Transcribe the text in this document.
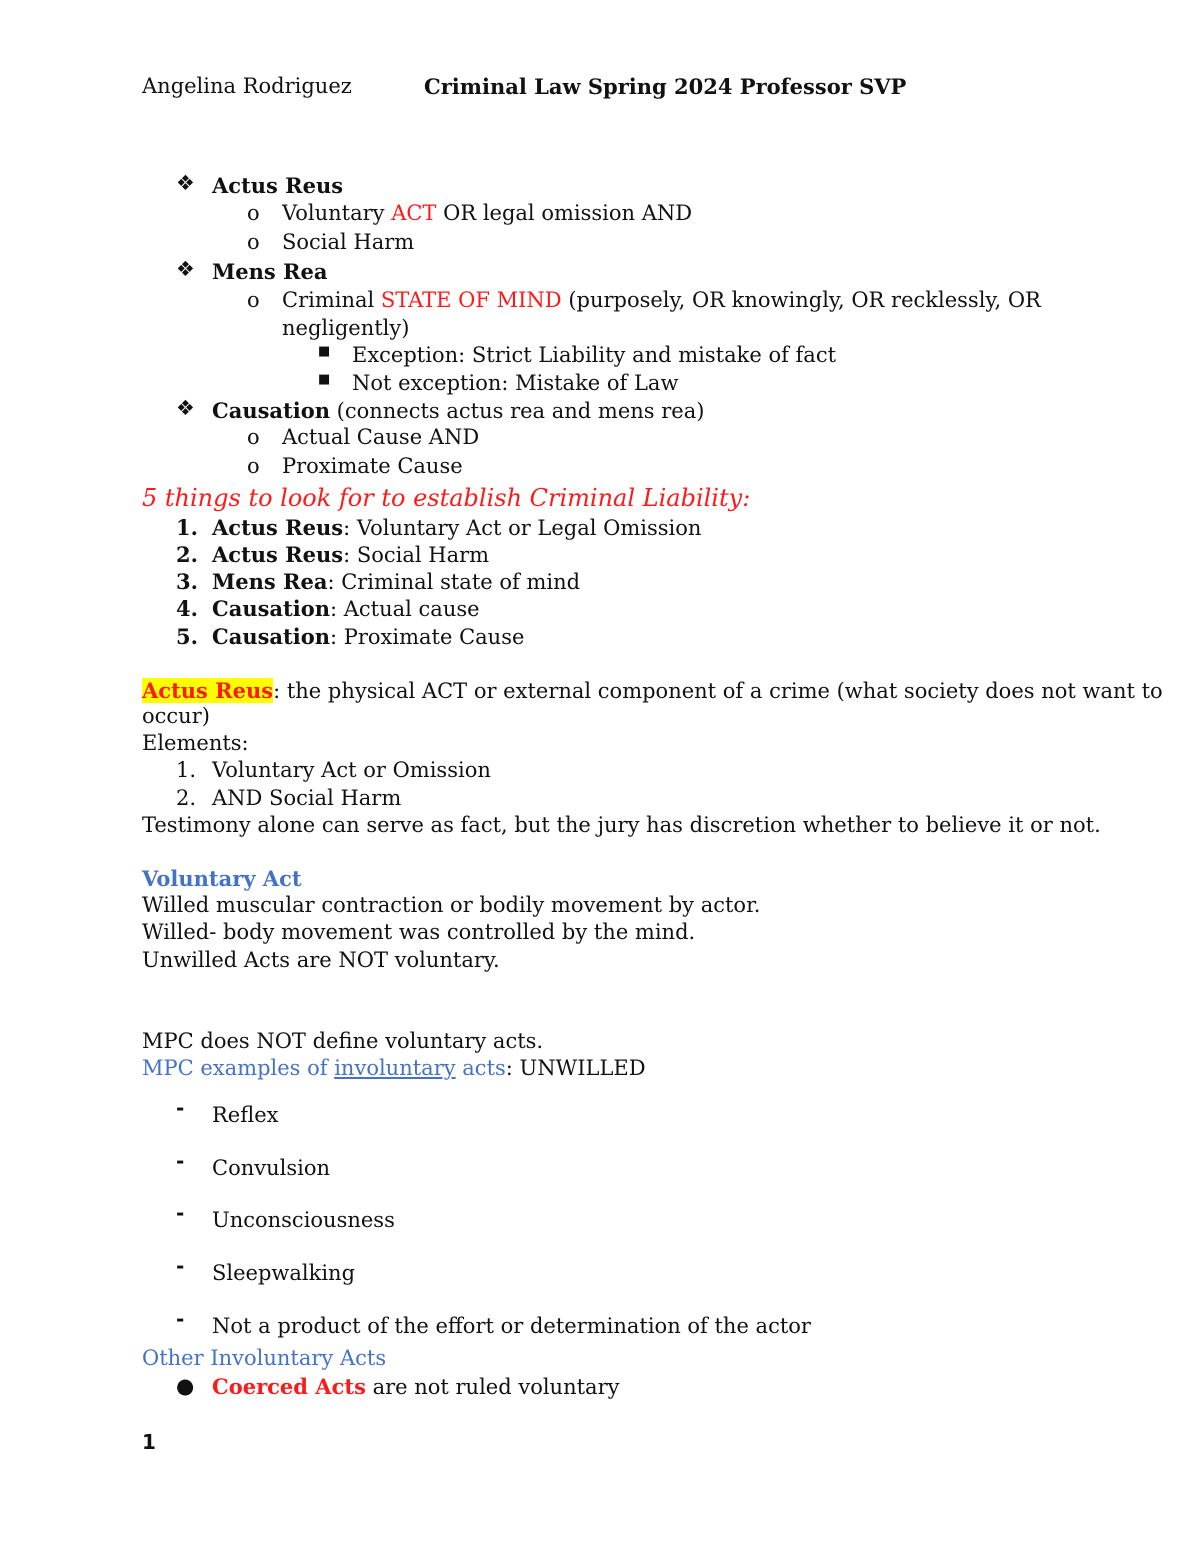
Angelina Rodriguez	Criminal Law Spring 2024 Professor SVP
❖ Actus Reus
o Voluntary ACT OR legal omission AND
o Social Harm
❖ Mens Rea
o Criminal STATE OF MIND (purposely, OR knowingly, OR recklessly, OR
negligently)
■ Exception: Strict Liability and mistake of fact
■ Not exception: Mistake of Law
❖ Causation (connects actus rea and mens rea)
o Actual Cause AND
o Proximate Cause
5 things to look for to establish Criminal Liability:
1. Actus Reus: Voluntary Act or Legal Omission
2. Actus Reus: Social Harm
3. Mens Rea: Criminal state of mind
4. Causation: Actual cause
5. Causation: Proximate Cause
Actus Reus: the physical ACT or external component of a crime (what society does not want to
occur)
Elements:
1. Voluntary Act or Omission
2. AND Social Harm
Testimony alone can serve as fact, but the jury has discretion whether to believe it or not.
Voluntary Act
Willed muscular contraction or bodily movement by actor.
Willed- body movement was controlled by the mind.
Unwilled Acts are NOT voluntary.
MPC does NOT define voluntary acts.
MPC examples of involuntary acts: UNWILLED
- Reflex
- Convulsion
- Unconsciousness
- Sleepwalking
- Not a product of the effort or determination of the actor
Other Involuntary Acts
● Coerced Acts are not ruled voluntary
1
